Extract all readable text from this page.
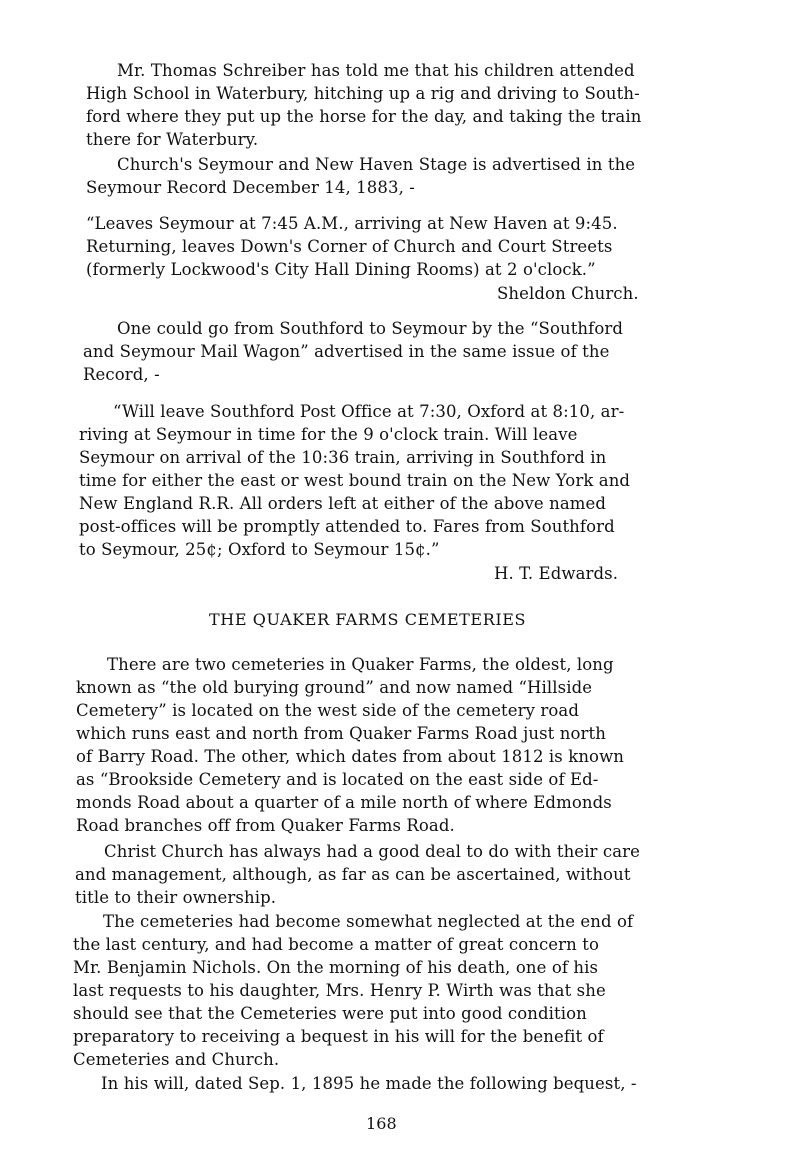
Mr. Thomas Schreiber has told me that his children attended
High School in Waterbury, hitching up a rig and driving to South-
ford where they put up the horse for the day, and taking the train
there for Waterbury.
Church's Seymour and New Haven Stage is advertised in the
Seymour Record December 14, 1883, -
“Leaves Seymour at 7:45 A.M., arriving at New Haven at 9:45.
Returning, leaves Down's Corner of Church and Court Streets
(formerly Lockwood's City Hall Dining Rooms) at 2 o'clock.”
Sheldon Church.
One could go from Southford to Seymour by the “Southford
and Seymour Mail Wagon” advertised in the same issue of the
Record, -
“Will leave Southford Post Office at 7:30, Oxford at 8:10, ar-
riving at Seymour in time for the 9 o'clock train. Will leave
Seymour on arrival of the 10:36 train, arriving in Southford in
time for either the east or west bound train on the New York and
New England R.R. All orders left at either of the above named
post-offices will be promptly attended to. Fares from Southford
to Seymour, 25¢; Oxford to Seymour 15¢.”
H. T. Edwards.
THE QUAKER FARMS CEMETERIES
There are two cemeteries in Quaker Farms, the oldest, long
known as “the old burying ground” and now named “Hillside
Cemetery” is located on the west side of the cemetery road
which runs east and north from Quaker Farms Road just north
of Barry Road. The other, which dates from about 1812 is known
as “Brookside Cemetery and is located on the east side of Ed-
monds Road about a quarter of a mile north of where Edmonds
Road branches off from Quaker Farms Road.
Christ Church has always had a good deal to do with their care
and management, although, as far as can be ascertained, without
title to their ownership.
The cemeteries had become somewhat neglected at the end of
the last century, and had become a matter of great concern to
Mr. Benjamin Nichols. On the morning of his death, one of his
last requests to his daughter, Mrs. Henry P. Wirth was that she
should see that the Cemeteries were put into good condition
preparatory to receiving a bequest in his will for the benefit of
Cemeteries and Church.
In his will, dated Sep. 1, 1895 he made the following bequest, -
168
